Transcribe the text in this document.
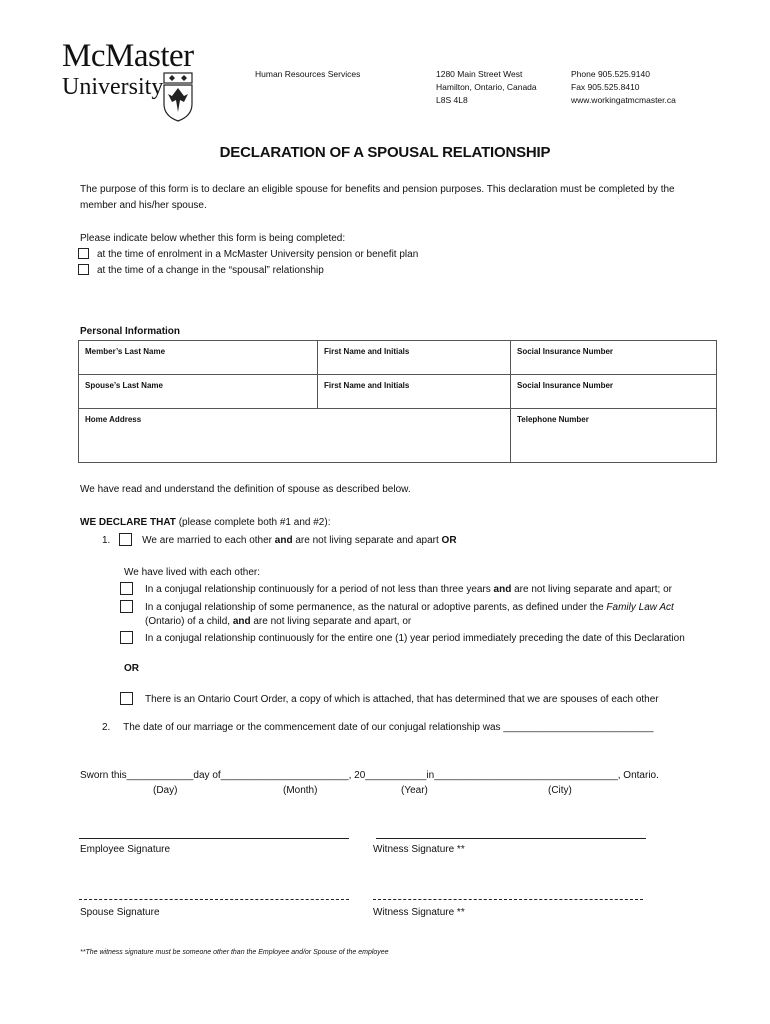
McMaster
University	Human Resources Services	1280 Main Street West
Hamilton, Ontario, Canada
L8S 4L8
Phone 905.525.9140
Fax 905.525.8410
www.workingatmcmaster.ca
DECLARATION OF A SPOUSAL RELATIONSHIP
The purpose of this form is to declare an eligible spouse for benefits and pension purposes. This declaration must be completed by the
member and his/her spouse.
Please indicate below whether this form is being completed:
at the time of enrolment in a McMaster University pension or benefit plan
at the time of a change in the “spousal” relationship
Personal Information
Member’s Last Name	First Name and Initials	Social Insurance Number
Spouse’s Last Name	First Name and Initials	Social Insurance Number
Home Address		Telephone Number
We have read and understand the definition of spouse as described below.
WE DECLARE THAT (please complete both #1 and #2):
1.	We are married to each other and are not living separate and apart OR
We have lived with each other:
In a conjugal relationship continuously for a period of not less than three years and are not living separate and apart; or
In a conjugal relationship of some permanence, as the natural or adoptive parents, as defined under the Family Law Act
(Ontario) of a child, and are not living separate and apart, or
In a conjugal relationship continuously for the entire one (1) year period immediately preceding the date of this Declaration
OR
There is an Ontario Court Order, a copy of which is attached, that has determined that we are spouses of each other
2. The date of our marriage or the commencement date of our conjugal relationship was ___________________________
Sworn this____________day of_______________________, 20___________in_________________________________, Ontario.
(Day)	(Month)	(Year)	(City)
Employee Signature	Witness Signature **
Spouse Signature	Witness Signature **
**The witness signature must be someone other than the Employee and/or Spouse of the employee
